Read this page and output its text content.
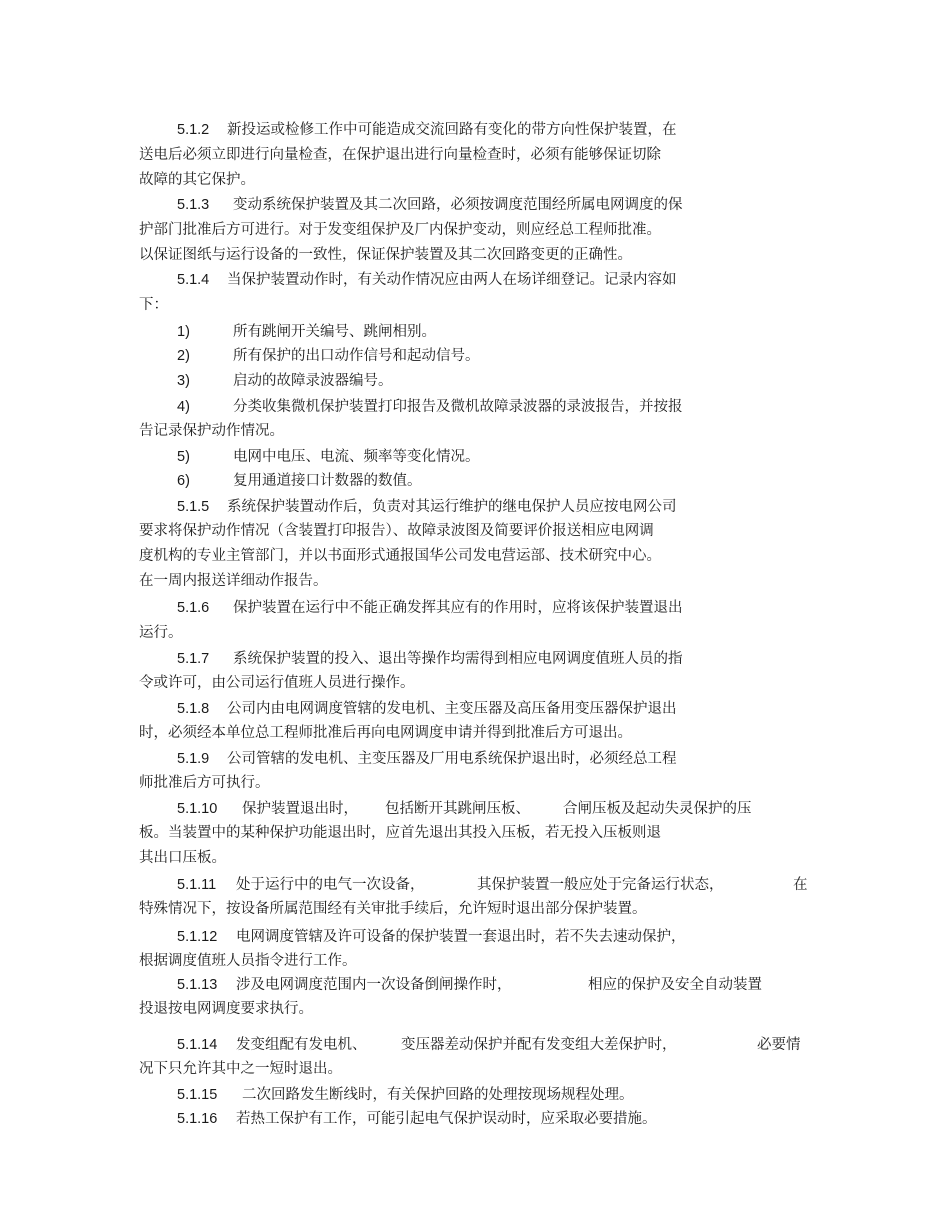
5.1.2 新投运或检修工作中可能造成交流回路有变化的带方向性保护装置，在
送电后必须立即进行向量检查，在保护退出进行向量检查时，必须有能够保证切除
故障的其它保护。
5.1.3 变动系统保护装置及其二次回路，必须按调度范围经所属电网调度的保
护部门批准后方可进行。对于发变组保护及厂内保护变动，则应经总工程师批准。
以保证图纸与运行设备的一致性，保证保护装置及其二次回路变更的正确性。
5.1.4 当保护装置动作时，有关动作情况应由两人在场详细登记。记录内容如
下：
1)	所有跳闸开关编号、跳闸相别。
2)	所有保护的出口动作信号和起动信号。
3)	启动的故障录波器编号。
4)	分类收集微机保护装置打印报告及微机故障录波器的录波报告，并按报
告记录保护动作情况。
5)	电网中电压、电流、频率等变化情况。
6)	复用通道接口计数器的数值。
5.1.5 系统保护装置动作后，负责对其运行维护的继电保护人员应按电网公司
要求将保护动作情况（含装置打印报告）、故障录波图及简要评价报送相应电网调
度机构的专业主管部门，并以书面形式通报国华公司发电营运部、技术研究中心。
在一周内报送详细动作报告。
5.1.6 保护装置在运行中不能正确发挥其应有的作用时，应将该保护装置退出
运行。
5.1.7 系统保护装置的投入、退出等操作均需得到相应电网调度值班人员的指
令或许可，由公司运行值班人员进行操作。
5.1.8 公司内由电网调度管辖的发电机、主变压器及高压备用变压器保护退出
时，必须经本单位总工程师批准后再向电网调度申请并得到批准后方可退出。
5.1.9 公司管辖的发电机、主变压器及厂用电系统保护退出时，必须经总工程
师批准后方可执行。
5.1.10 保护装置退出时， 包括断开其跳闸压板、 合闸压板及起动失灵保护的压
板。当装置中的某种保护功能退出时，应首先退出其投入压板，若无投入压板则退
其出口压板。
5.1.11 处于运行中的电气一次设备，	其保护装置一般应处于完备运行状态，	在
特殊情况下，按设备所属范围经有关审批手续后，允许短时退出部分保护装置。
5.1.12 电网调度管辖及许可设备的保护装置一套退出时，若不失去速动保护，
根据调度值班人员指令进行工作。
5.1.13 涉及电网调度范围内一次设备倒闸操作时，	相应的保护及安全自动装置
投退按电网调度要求执行。
5.1.14 发变组配有发电机、 变压器差动保护并配有发变组大差保护时，	必要情
况下只允许其中之一短时退出。
5.1.15 二次回路发生断线时，有关保护回路的处理按现场规程处理。
5.1.16 若热工保护有工作，可能引起电气保护误动时，应采取必要措施。
